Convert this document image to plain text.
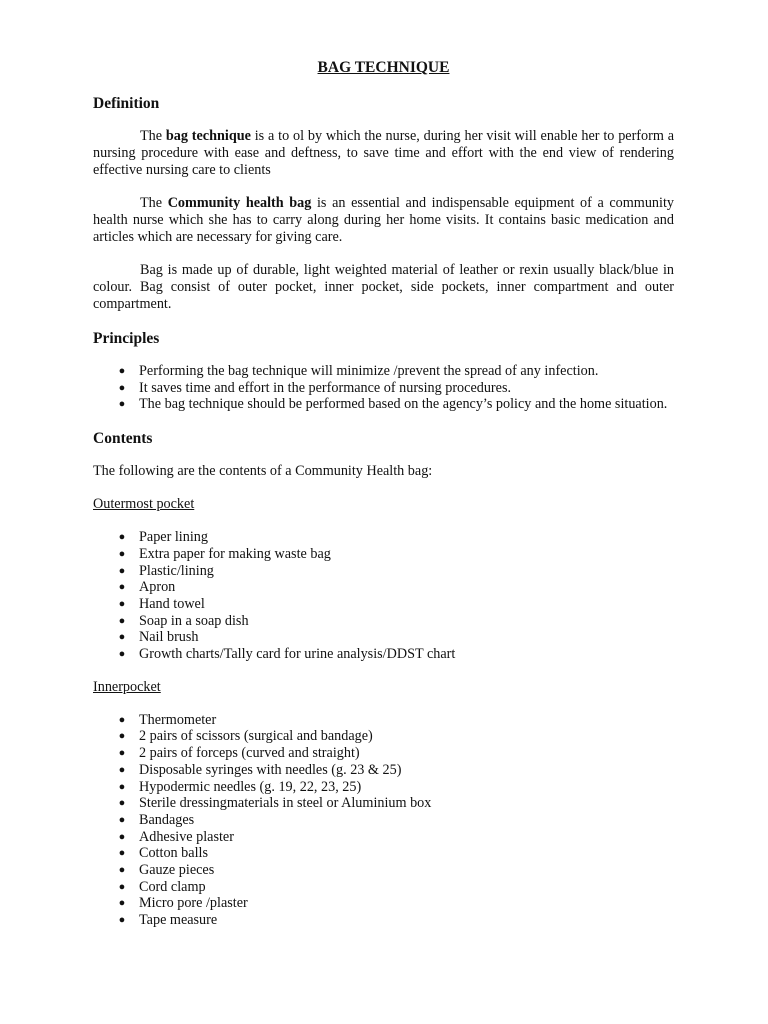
BAG TECHNIQUE
Definition

The bag technique is a to ol by which the nurse, during her visit will enable her to perform a nursing procedure with ease and deftness, to save time and effort with the end view of rendering effective nursing care to clients

The Community health bag is an essential and indispensable equipment of a community health nurse which she has to carry along during her home visits. It contains basic medication and articles which are necessary for giving care.

Bag is made up of durable, light weighted material of leather or rexin usually black/blue in colour. Bag consist of outer pocket, inner pocket, side pockets, inner compartment and outer compartment.

Principles
● Performing the bag technique will minimize /prevent the spread of any infection.
● It saves time and effort in the performance of nursing procedures.
● The bag technique should be performed based on the agency’s policy and the home situation.
Contents

The following are the contents of a Community Health bag:

Outermost pocket

● Paper lining
● Extra paper for making waste bag
● Plastic/lining
● Apron
● Hand towel
● Soap in a soap dish
● Nail brush
● Growth charts/Tally card for urine analysis/DDST chart

Innerpocket

● Thermometer
● 2 pairs of scissors (surgical and bandage)
● 2 pairs of forceps (curved and straight)
● Disposable syringes with needles (g. 23 & 25)
● Hypodermic needles (g. 19, 22, 23, 25)
● Sterile dressingmaterials in steel or Aluminium box
● Bandages
● Adhesive plaster
● Cotton balls
● Gauze pieces
● Cord clamp
● Micro pore /plaster
● Tape measure
